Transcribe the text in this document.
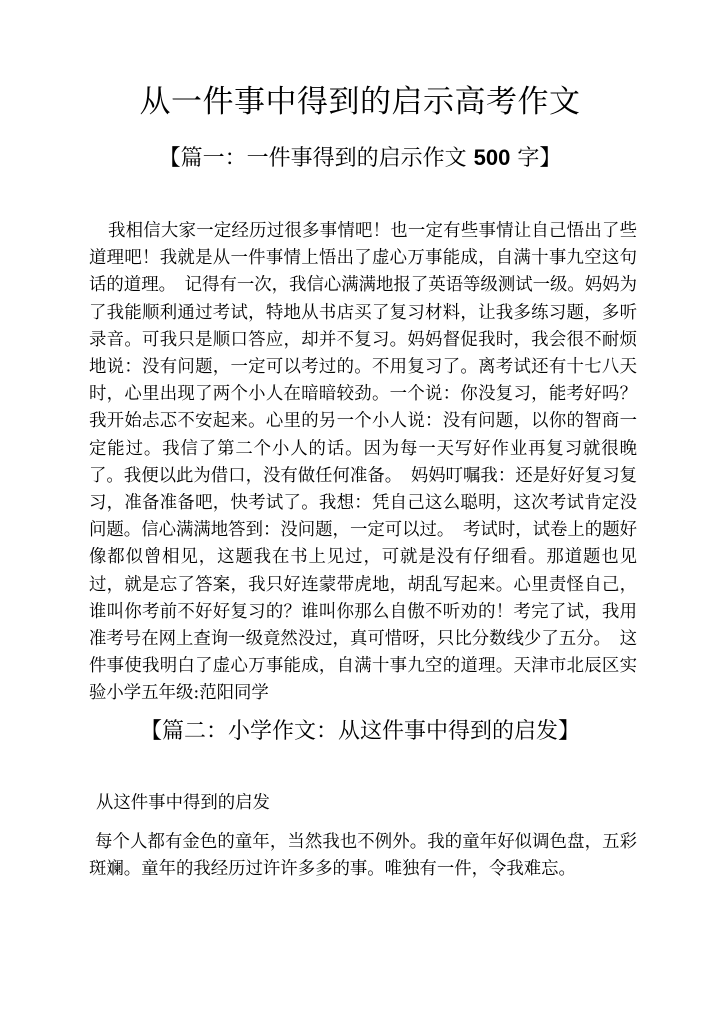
从一件事中得到的启示高考作文
【篇一：一件事得到的启示作文 500 字】

我相信大家一定经历过很多事情吧！也一定有些事情让自己悟出了些道理吧！我就是从一件事情上悟出了虚心万事能成，自满十事九空这句话的道理。　记得有一次，我信心满满地报了英语等级测试一级。妈妈为了我能顺利通过考试，特地从书店买了复习材料，让我多练习题，多听录音。可我只是顺口答应，却并不复习。妈妈督促我时，我会很不耐烦地说：没有问题，一定可以考过的。不用复习了。离考试还有十七八天时，心里出现了两个小人在暗暗较劲。一个说：你没复习，能考好吗？我开始忐忑不安起来。心里的另一个小人说：没有问题，以你的智商一定能过。我信了第二个小人的话。因为每一天写好作业再复习就很晚了。我便以此为借口，没有做任何准备。　妈妈叮嘱我：还是好好复习复习，准备准备吧，快考试了。我想：凭自己这么聪明，这次考试肯定没问题。信心满满地答到：没问题，一定可以过。　考试时，试卷上的题好像都似曾相见，这题我在书上见过，可就是没有仔细看。那道题也见过，就是忘了答案，我只好连蒙带虎地，胡乱写起来。心里责怪自己，谁叫你考前不好好复习的？谁叫你那么自傲不听劝的！考完了试，我用准考号在网上查询一级竟然没过，真可惜呀，只比分数线少了五分。　这件事使我明白了虚心万事能成，自满十事九空的道理。天津市北辰区实验小学五年级:范阳同学

【篇二：小学作文：从这件事中得到的启发】

从这件事中得到的启发

每个人都有金色的童年，当然我也不例外。我的童年好似调色盘，五彩斑斓。童年的我经历过许许多多的事。唯独有一件，令我难忘。
